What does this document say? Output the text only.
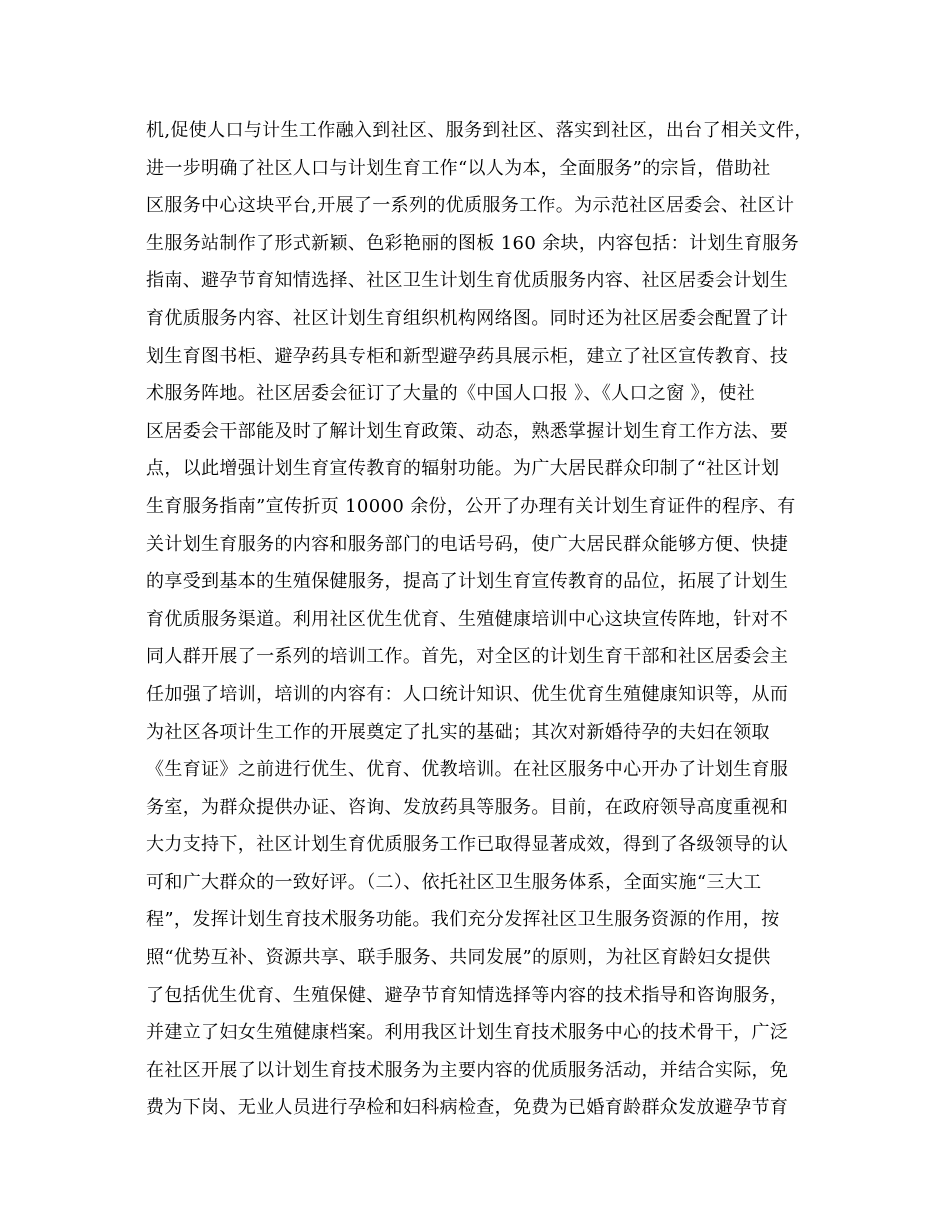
机,促使人口与计生工作融入到社区、服务到社区、落实到社区，出台了相关文件，
进一步明确了社区人口与计划生育工作“以人为本，全面服务”的宗旨，借助社
区服务中心这块平台,开展了一系列的优质服务工作。为示范社区居委会、社区计
生服务站制作了形式新颖、色彩艳丽的图板 160 余块，内容包括：计划生育服务
指南、避孕节育知情选择、社区卫生计划生育优质服务内容、社区居委会计划生
育优质服务内容、社区计划生育组织机构网络图。同时还为社区居委会配置了计
划生育图书柜、避孕药具专柜和新型避孕药具展示柜，建立了社区宣传教育、技
术服务阵地。社区居委会征订了大量的《中国人口报 》、《人口之窗 》，使社
区居委会干部能及时了解计划生育政策、动态，熟悉掌握计划生育工作方法、要
点，以此增强计划生育宣传教育的辐射功能。为广大居民群众印制了“社区计划
生育服务指南”宣传折页 10000 余份，公开了办理有关计划生育证件的程序、有
关计划生育服务的内容和服务部门的电话号码，使广大居民群众能够方便、快捷
的享受到基本的生殖保健服务，提高了计划生育宣传教育的品位，拓展了计划生
育优质服务渠道。利用社区优生优育、生殖健康培训中心这块宣传阵地，针对不
同人群开展了一系列的培训工作。首先，对全区的计划生育干部和社区居委会主
任加强了培训，培训的内容有：人口统计知识、优生优育生殖健康知识等，从而
为社区各项计生工作的开展奠定了扎实的基础；其次对新婚待孕的夫妇在领取
《生育证》之前进行优生、优育、优教培训。在社区服务中心开办了计划生育服
务室，为群众提供办证、咨询、发放药具等服务。目前，在政府领导高度重视和
大力支持下，社区计划生育优质服务工作已取得显著成效，得到了各级领导的认
可和广大群众的一致好评。（二）、依托社区卫生服务体系，全面实施“三大工
程”，发挥计划生育技术服务功能。我们充分发挥社区卫生服务资源的作用，按
照“优势互补、资源共享、联手服务、共同发展”的原则，为社区育龄妇女提供
了包括优生优育、生殖保健、避孕节育知情选择等内容的技术指导和咨询服务，
并建立了妇女生殖健康档案。利用我区计划生育技术服务中心的技术骨干，广泛
在社区开展了以计划生育技术服务为主要内容的优质服务活动，并结合实际，免
费为下岗、无业人员进行孕检和妇科病检查，免费为已婚育龄群众发放避孕节育
